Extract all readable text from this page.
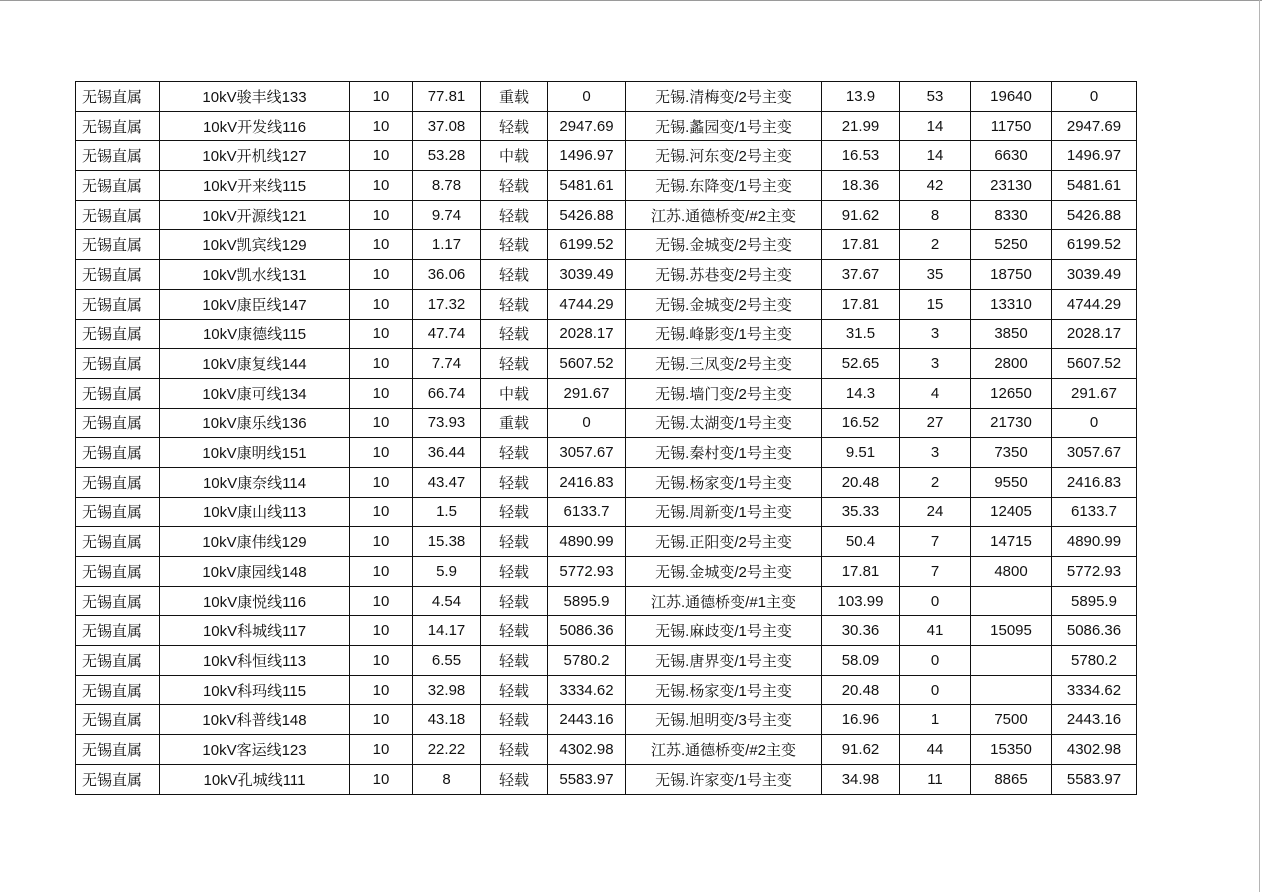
无锡直属	10kV骏丰线133	10	77.81	重载	0	无锡.清梅变/2号主变	13.9	53	19640	0
无锡直属	10kV开发线116	10	37.08	轻载	2947.69	无锡.蠡园变/1号主变	21.99	14	11750	2947.69
无锡直属	10kV开机线127	10	53.28	中载	1496.97	无锡.河东变/2号主变	16.53	14	6630	1496.97
无锡直属	10kV开来线115	10	8.78	轻载	5481.61	无锡.东降变/1号主变	18.36	42	23130	5481.61
无锡直属	10kV开源线121	10	9.74	轻载	5426.88	江苏.通德桥变/#2主变	91.62	8	8330	5426.88
无锡直属	10kV凯宾线129	10	1.17	轻载	6199.52	无锡.金城变/2号主变	17.81	2	5250	6199.52
无锡直属	10kV凯水线131	10	36.06	轻载	3039.49	无锡.苏巷变/2号主变	37.67	35	18750	3039.49
无锡直属	10kV康臣线147	10	17.32	轻载	4744.29	无锡.金城变/2号主变	17.81	15	13310	4744.29
无锡直属	10kV康德线115	10	47.74	轻载	2028.17	无锡.峰影变/1号主变	31.5	3	3850	2028.17
无锡直属	10kV康复线144	10	7.74	轻载	5607.52	无锡.三凤变/2号主变	52.65	3	2800	5607.52
无锡直属	10kV康可线134	10	66.74	中载	291.67	无锡.墙门变/2号主变	14.3	4	12650	291.67
无锡直属	10kV康乐线136	10	73.93	重载	0	无锡.太湖变/1号主变	16.52	27	21730	0
无锡直属	10kV康明线151	10	36.44	轻载	3057.67	无锡.秦村变/1号主变	9.51	3	7350	3057.67
无锡直属	10kV康奈线114	10	43.47	轻载	2416.83	无锡.杨家变/1号主变	20.48	2	9550	2416.83
无锡直属	10kV康山线113	10	1.5	轻载	6133.7	无锡.周新变/1号主变	35.33	24	12405	6133.7
无锡直属	10kV康伟线129	10	15.38	轻载	4890.99	无锡.正阳变/2号主变	50.4	7	14715	4890.99
无锡直属	10kV康园线148	10	5.9	轻载	5772.93	无锡.金城变/2号主变	17.81	7	4800	5772.93
无锡直属	10kV康悦线116	10	4.54	轻载	5895.9	江苏.通德桥变/#1主变	103.99	0		5895.9
无锡直属	10kV科城线117	10	14.17	轻载	5086.36	无锡.麻歧变/1号主变	30.36	41	15095	5086.36
无锡直属	10kV科恒线113	10	6.55	轻载	5780.2	无锡.唐界变/1号主变	58.09	0		5780.2
无锡直属	10kV科玛线115	10	32.98	轻载	3334.62	无锡.杨家变/1号主变	20.48	0		3334.62
无锡直属	10kV科普线148	10	43.18	轻载	2443.16	无锡.旭明变/3号主变	16.96	1	7500	2443.16
无锡直属	10kV客运线123	10	22.22	轻载	4302.98	江苏.通德桥变/#2主变	91.62	44	15350	4302.98
无锡直属	10kV孔城线111	10	8	轻载	5583.97	无锡.许家变/1号主变	34.98	11	8865	5583.97
